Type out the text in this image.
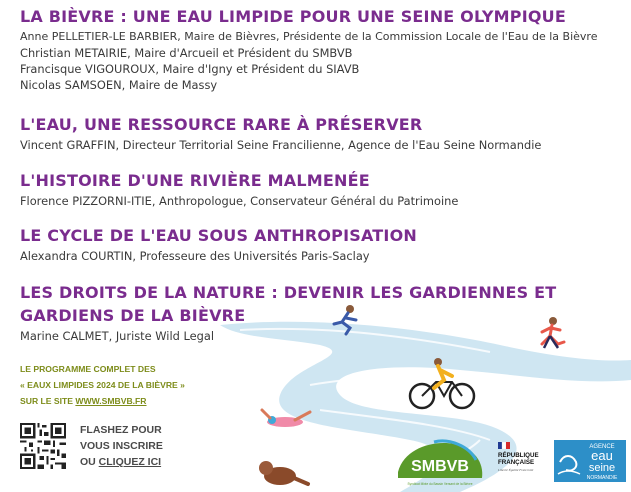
LA BIÈVRE : UNE EAU LIMPIDE POUR UNE SEINE OLYMPIQUE
Anne PELLETIER-LE BARBIER, Maire de Bièvres, Présidente de la Commission Locale de l'Eau de la Bièvre
Christian METAIRIE, Maire d'Arcueil et Président du SMBVB
Francisque VIGOUROUX, Maire d'Igny et Président du SIAVB
Nicolas SAMSOEN, Maire de Massy
L'EAU, UNE RESSOURCE RARE À PRÉSERVER
Vincent GRAFFIN, Directeur Territorial Seine Francilienne, Agence de l'Eau Seine Normandie
L'HISTOIRE D'UNE RIVIÈRE MALMENÉE
Florence PIZZORNI-ITIE, Anthropologue, Conservateur Général du Patrimoine
LE CYCLE DE L'EAU SOUS ANTHROPISATION
Alexandra COURTIN, Professeure des Universités Paris-Saclay
LES DROITS DE LA NATURE : DEVENIR LES GARDIENNES ET
GARDIENS DE LA BIÈVRE
Marine CALMET, Juriste Wild Legal
LE PROGRAMME COMPLET DES
« EAUX LIMPIDES 2024 DE LA BIÈVRE »
SUR LE SITE WWW.SMBVB.FR
FLASHEZ POUR
VOUS INSCRIRE
OU CLIQUEZ ICI	SMBVB
Syndicat Mixte du Bassin Versant de la Bièvre
RÉPUBLIQUE
FRANÇAISE
Liberté Égalité Fraternité
AGENCE
eau
seine
NORMANDIE
